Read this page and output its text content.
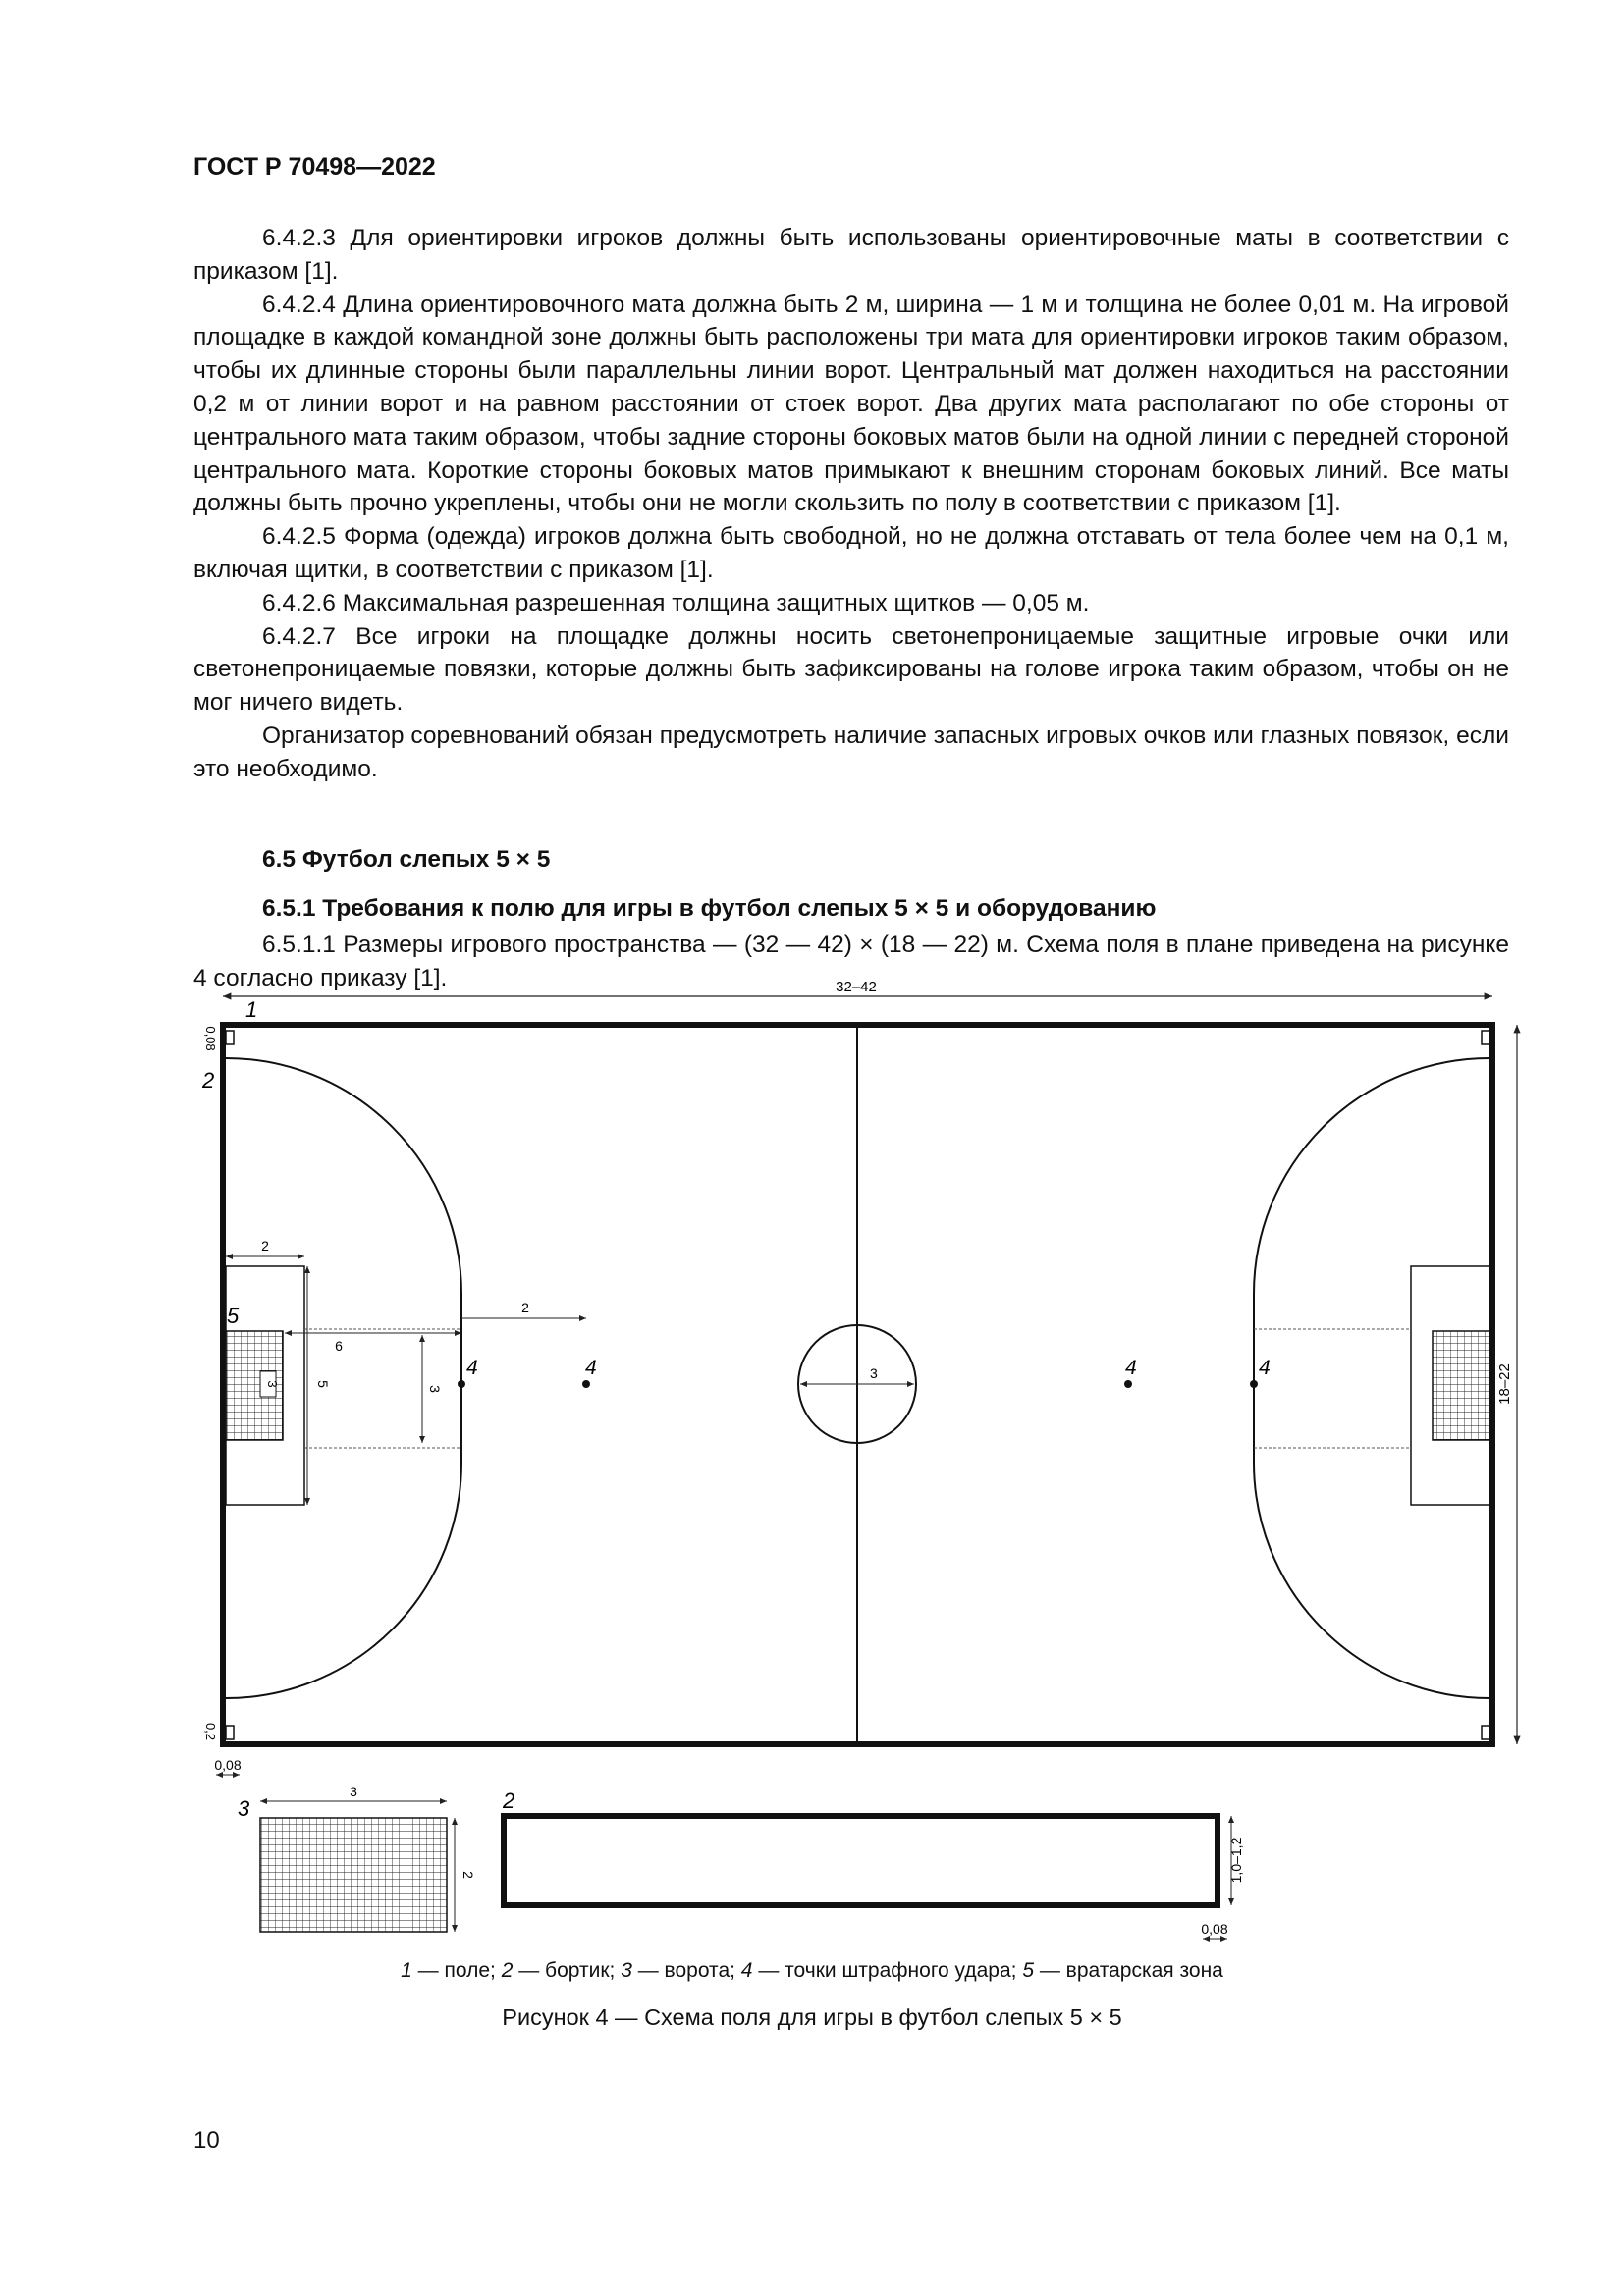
ГОСТ Р 70498—2022

6.4.2.3 Для ориентировки игроков должны быть использованы ориентировочные маты в соответствии с приказом [1].

6.4.2.4 Длина ориентировочного мата должна быть 2 м, ширина — 1 м и толщина не более 0,01 м. На игровой площадке в каждой командной зоне должны быть расположены три мата для ориентировки игроков таким образом, чтобы их длинные стороны были параллельны линии ворот. Центральный мат должен находиться на расстоянии 0,2 м от линии ворот и на равном расстоянии от стоек ворот. Два других мата располагают по обе стороны от центрального мата таким образом, чтобы задние стороны боковых матов были на одной линии с передней стороной центрального мата. Короткие стороны боковых матов примыкают к внешним сторонам боковых линий. Все маты должны быть прочно укреплены, чтобы они не могли скользить по полу в соответствии с приказом [1].

6.4.2.5 Форма (одежда) игроков должна быть свободной, но не должна отставать от тела более чем на 0,1 м, включая щитки, в соответствии с приказом [1].

6.4.2.6 Максимальная разрешенная толщина защитных щитков — 0,05 м.

6.4.2.7 Все игроки на площадке должны носить светонепроницаемые защитные игровые очки или светонепроницаемые повязки, которые должны быть зафиксированы на голове игрока таким образом, чтобы он не мог ничего видеть.

Организатор соревнований обязан предусмотреть наличие запасных игровых очков или глазных повязок, если это необходимо.

6.5 Футбол слепых 5 × 5
6.5.1 Требования к полю для игры в футбол слепых 5 × 5 и оборудованию

6.5.1.1 Размеры игрового пространства — (32 — 42) × (18 — 22) м. Схема поля в плане приведена на рисунке 4 согласно приказу [1].	32–42
3
3
2
5
6
3
2
4	4	4	4
1
2
5
0,08
0,2
0,08
18–22
3
3
2
2
1,0–1,2
0,08
1 — поле; 2 — бортик; 3 — ворота; 4 — точки штрафного удара; 5 — вратарская зона
Рисунок 4 — Схема поля для игры в футбол слепых 5 × 5
10
